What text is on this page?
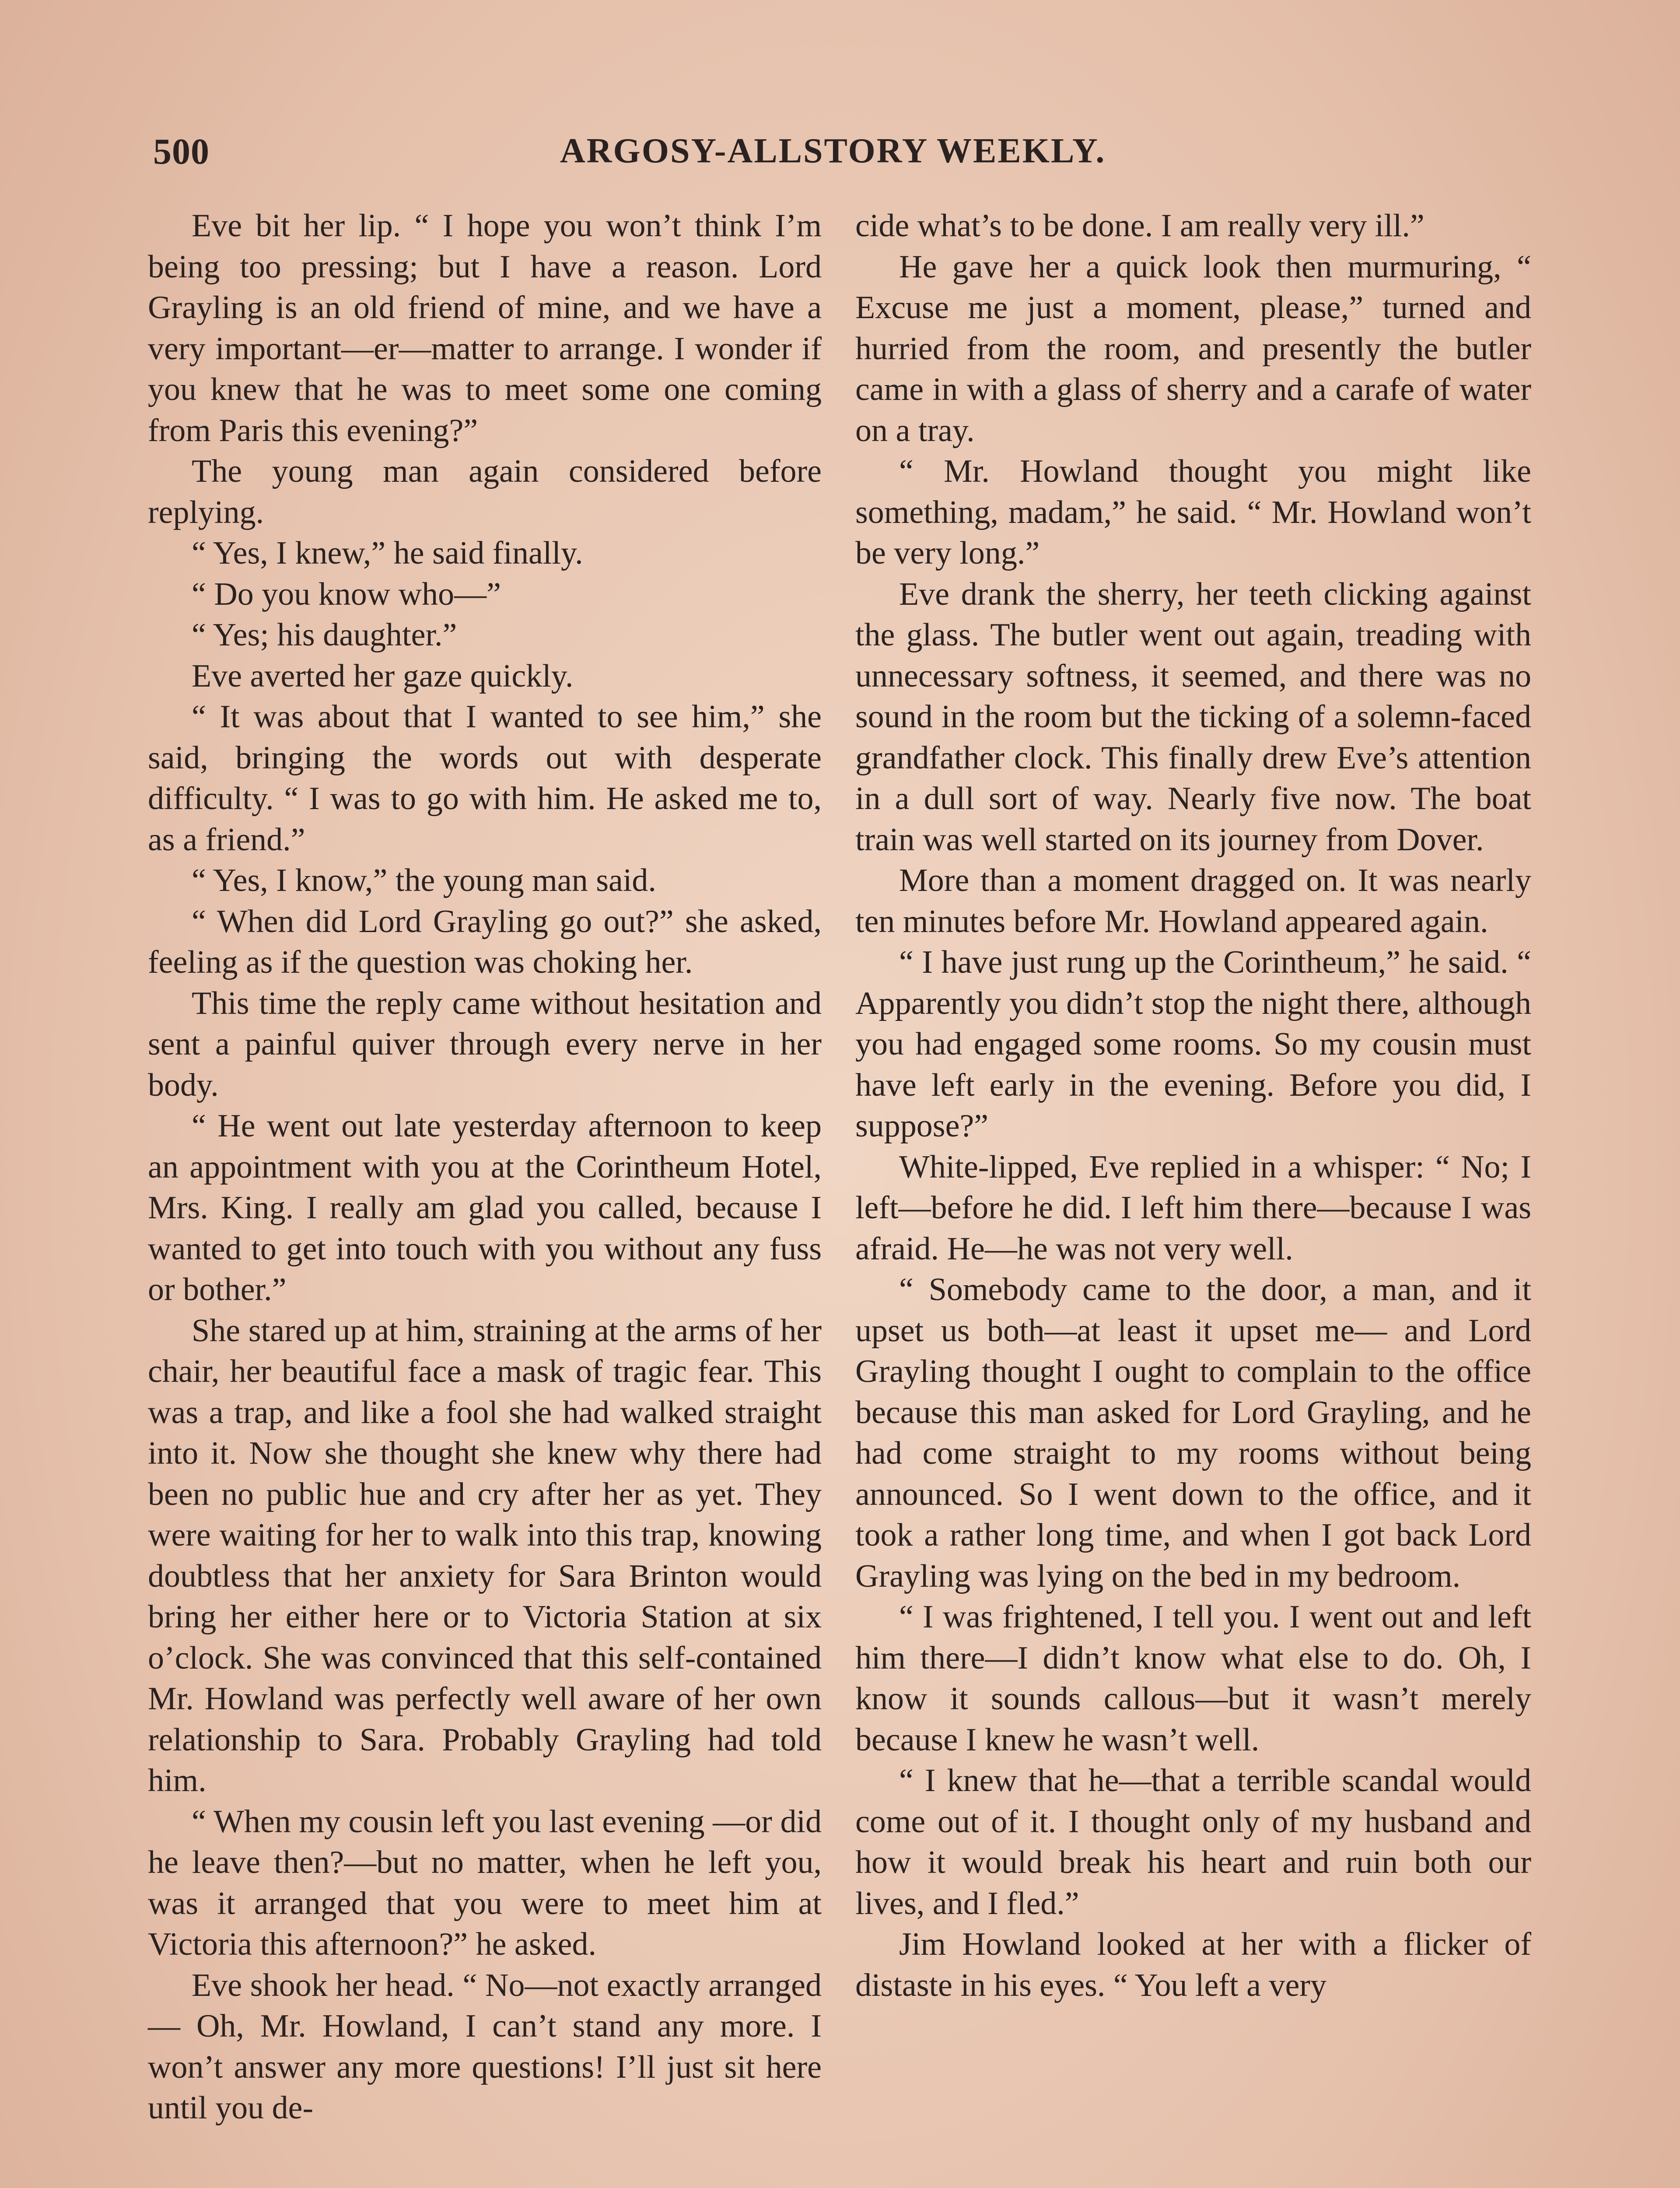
500	ARGOSY-ALLSTORY WEEKLY.

Eve bit her lip. “ I hope you won’t think I’m being too pressing; but I have a reason. Lord Grayling is an old friend of mine, and we have a very important—er—matter to arrange. I wonder if you knew that he was to meet some one coming from Paris this evening?”

The young man again considered before replying.

“ Yes, I knew,” he said finally.

“ Do you know who—”

“ Yes; his daughter.”

Eve averted her gaze quickly.

“ It was about that I wanted to see him,” she said, bringing the words out with desperate difficulty. “ I was to go with him. He asked me to, as a friend.”

“ Yes, I know,” the young man said.

“ When did Lord Grayling go out?” she asked, feeling as if the question was choking her.

This time the reply came without hesitation and sent a painful quiver through every nerve in her body.

“ He went out late yesterday afternoon to keep an appointment with you at the Corintheum Hotel, Mrs. King. I really am glad you called, because I wanted to get into touch with you without any fuss or bother.”

She stared up at him, straining at the arms of her chair, her beautiful face a mask of tragic fear. This was a trap, and like a fool she had walked straight into it. Now she thought she knew why there had been no public hue and cry after her as yet. They were waiting for her to walk into this trap, knowing doubtless that her anxiety for Sara Brinton would bring her either here or to Victoria Station at six o’clock. She was convinced that this self-contained Mr. Howland was perfectly well aware of her own relationship to Sara. Probably Grayling had told him.

“ When my cousin left you last evening —or did he leave then?—but no matter, when he left you, was it arranged that you were to meet him at Victoria this afternoon?” he asked.

Eve shook her head. “ No—not exactly arranged— Oh, Mr. Howland, I can’t stand any more. I won’t answer any more questions! I’ll just sit here until you de-

cide what’s to be done. I am really very ill.”

He gave her a quick look then murmuring, “ Excuse me just a moment, please,” turned and hurried from the room, and presently the butler came in with a glass of sherry and a carafe of water on a tray.

“ Mr. Howland thought you might like something, madam,” he said. “ Mr. Howland won’t be very long.”

Eve drank the sherry, her teeth clicking against the glass. The butler went out again, treading with unnecessary softness, it seemed, and there was no sound in the room but the ticking of a solemn-faced grandfather clock. This finally drew Eve’s attention in a dull sort of way. Nearly five now. The boat train was well started on its journey from Dover.

More than a moment dragged on. It was nearly ten minutes before Mr. Howland appeared again.

“ I have just rung up the Corintheum,” he said. “ Apparently you didn’t stop the night there, although you had engaged some rooms. So my cousin must have left early in the evening. Before you did, I suppose?”

White-lipped, Eve replied in a whisper: “ No; I left—before he did. I left him there—because I was afraid. He—he was not very well.

“ Somebody came to the door, a man, and it upset us both—at least it upset me— and Lord Grayling thought I ought to complain to the office because this man asked for Lord Grayling, and he had come straight to my rooms without being announced. So I went down to the office, and it took a rather long time, and when I got back Lord Grayling was lying on the bed in my bedroom.

“ I was frightened, I tell you. I went out and left him there—I didn’t know what else to do. Oh, I know it sounds callous—but it wasn’t merely because I knew he wasn’t well.

“ I knew that he—that a terrible scandal would come out of it. I thought only of my husband and how it would break his heart and ruin both our lives, and I fled.”

Jim Howland looked at her with a flicker of distaste in his eyes. “ You left a very
